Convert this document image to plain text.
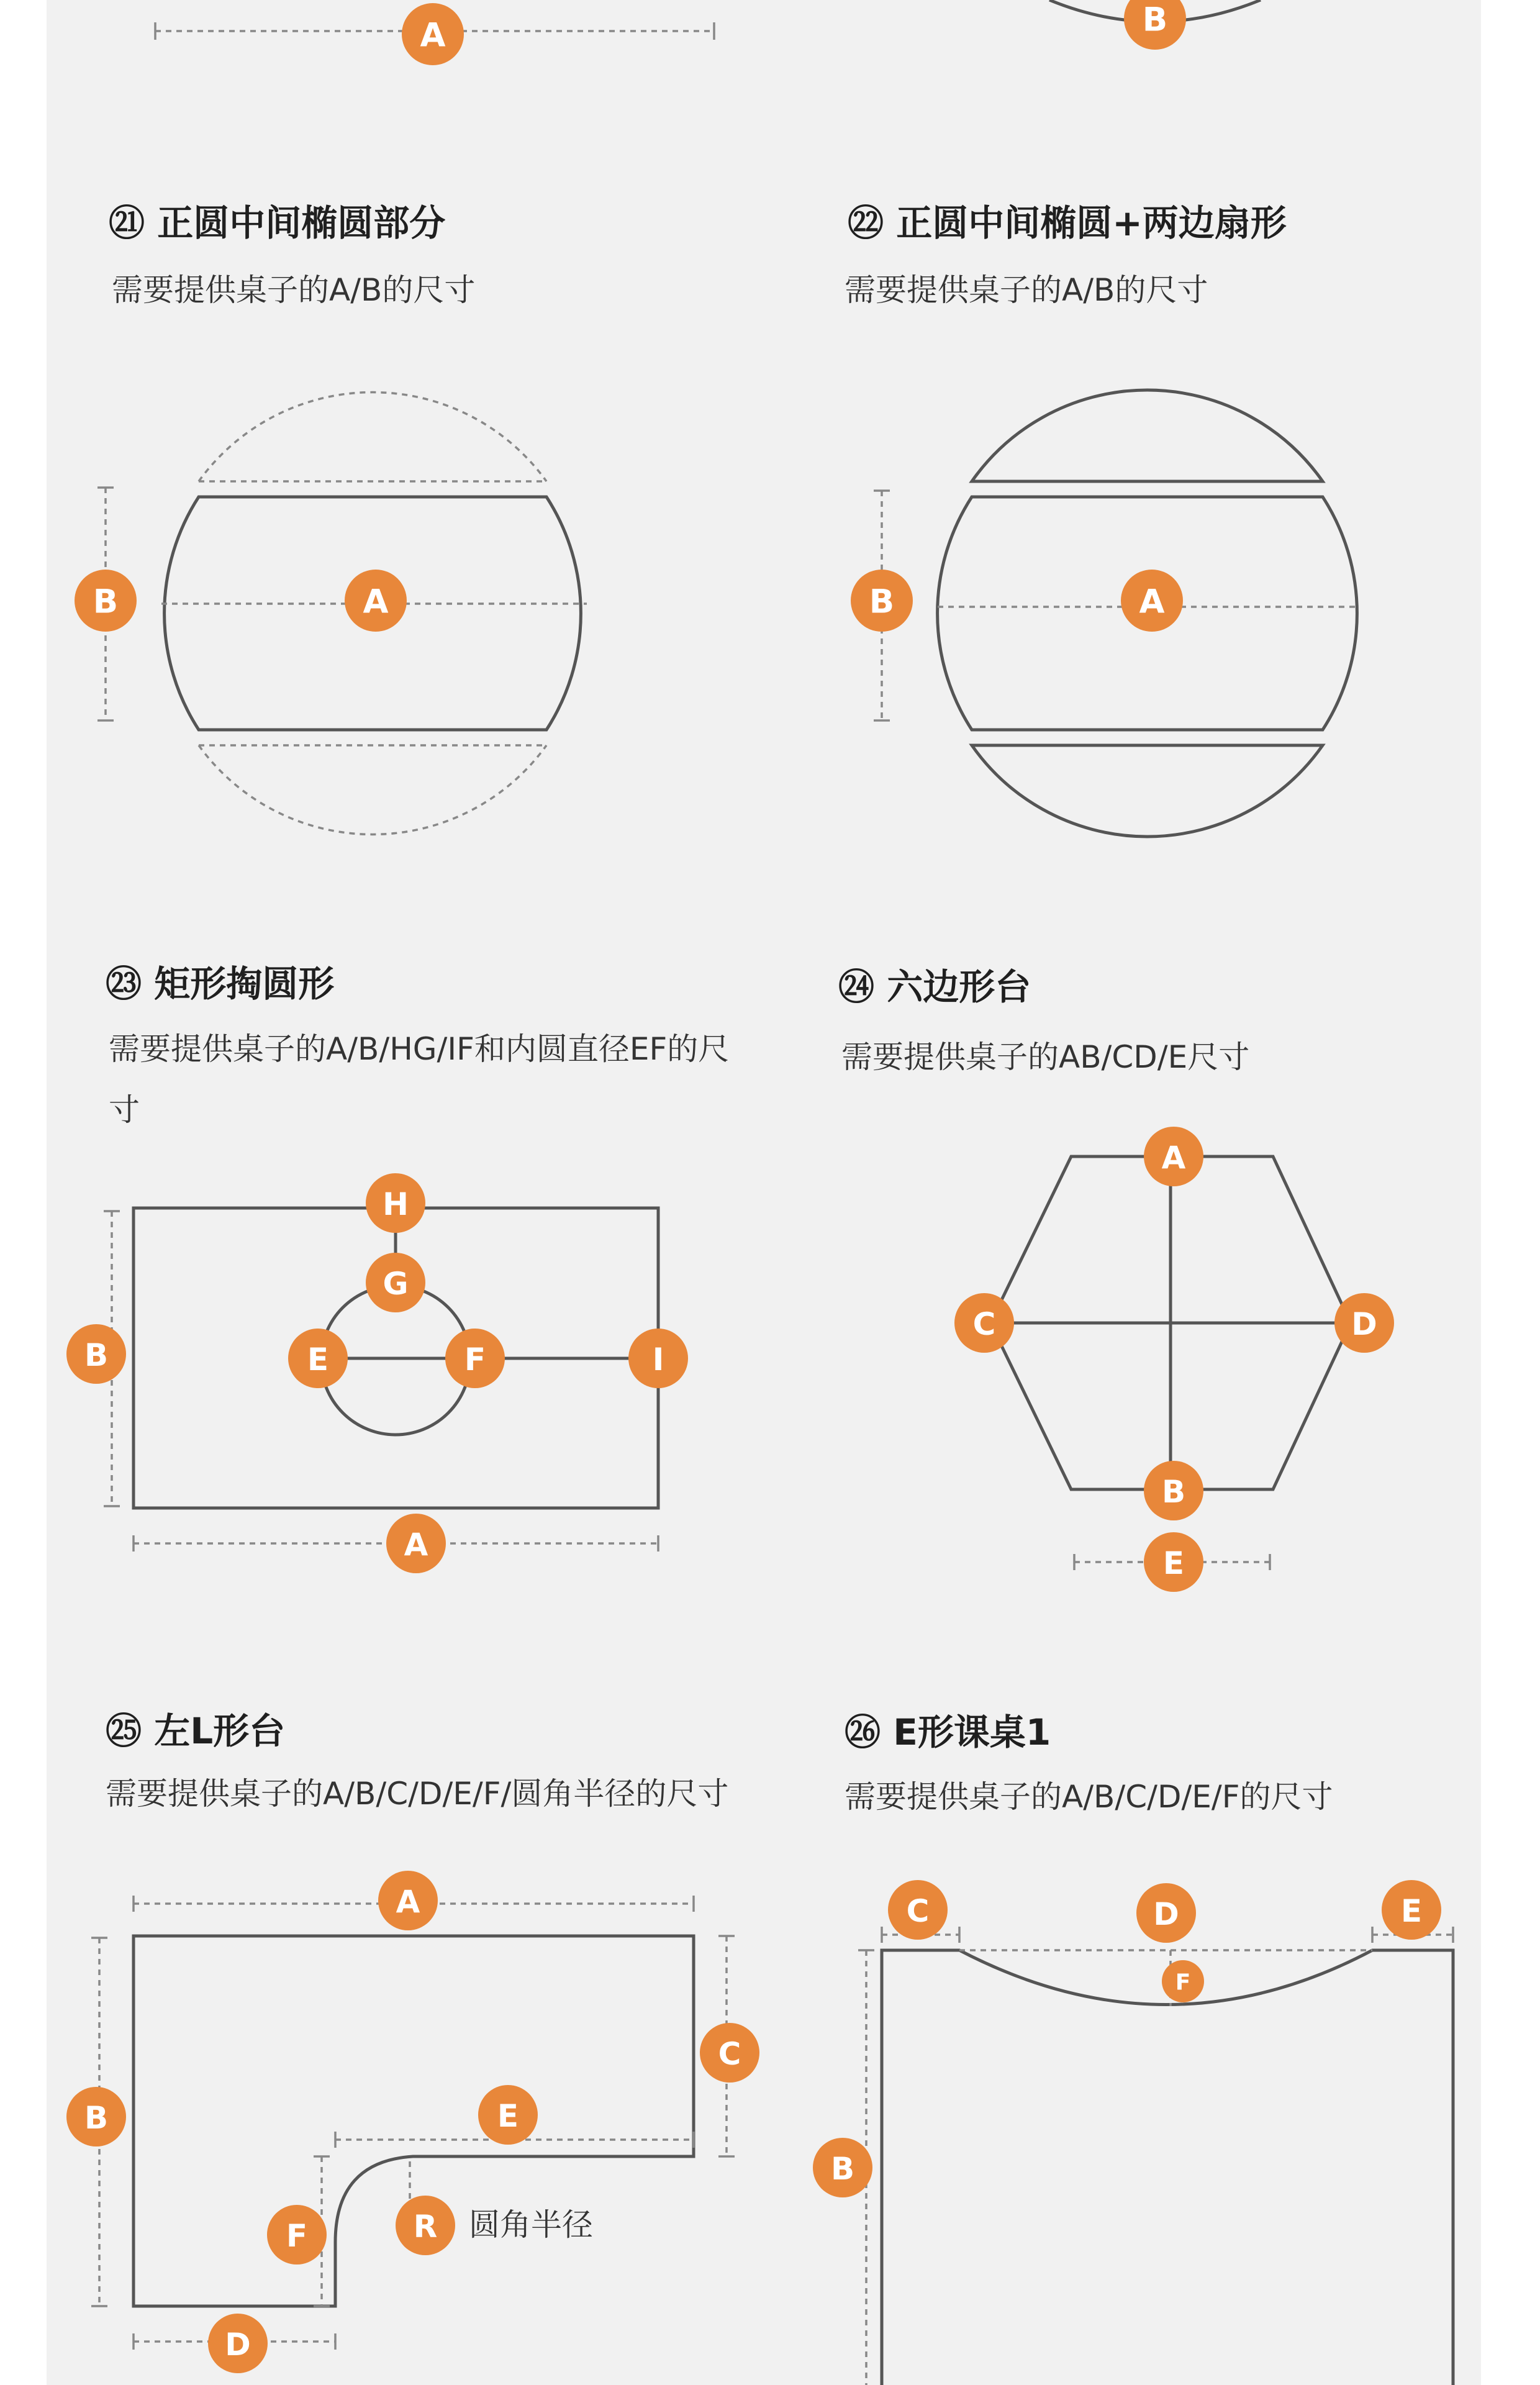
A	B
A
B	A
B
H
G
E	F	I
B
A
A
C	D
B
E
A
B
C
E
F	R
D
C	D	E
F
B
圆角半径
㉑ 正圆中间椭圆部分
需要提供桌子的A/B的尺寸
㉒ 正圆中间椭圆+两边扇形
需要提供桌子的A/B的尺寸
㉓ 矩形掏圆形
需要提供桌子的A/B/HG/IF和内圆直径EF的尺寸
㉔ 六边形台
需要提供桌子的AB/CD/E尺寸
㉕ 左L形台
需要提供桌子的A/B/C/D/E/F/圆角半径的尺寸
㉖ E形课桌1
需要提供桌子的A/B/C/D/E/F的尺寸
